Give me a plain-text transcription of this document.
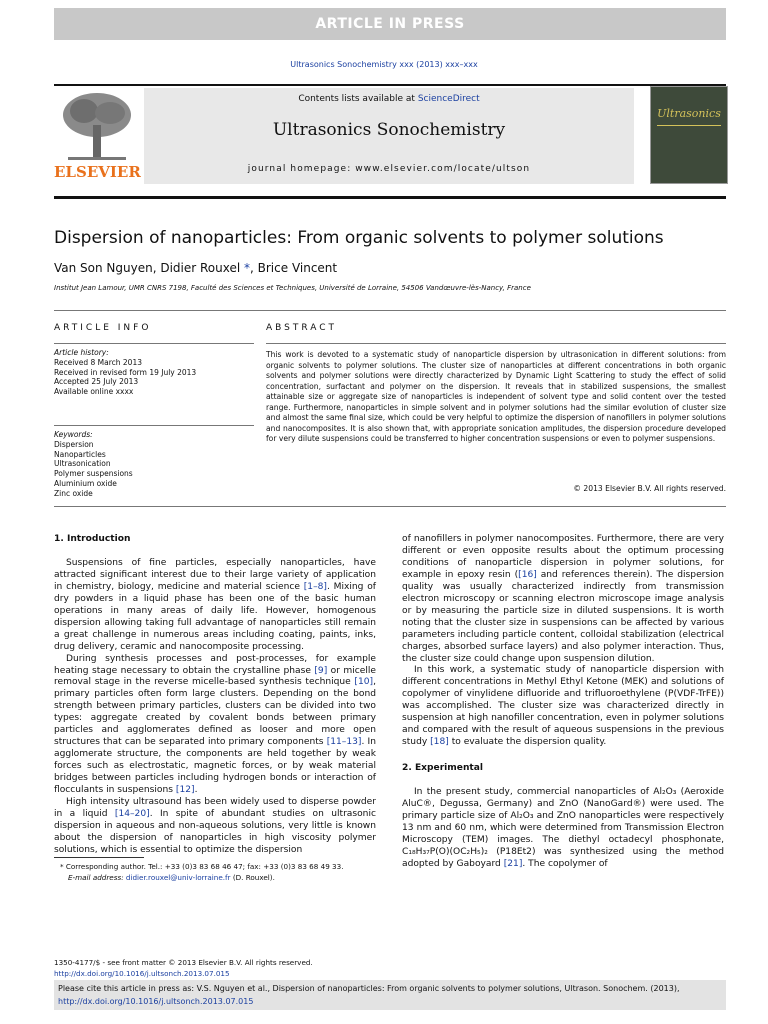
ARTICLE IN PRESS
Ultrasonics Sonochemistry xxx (2013) xxx–xxx
ELSEVIER
Contents lists available at ScienceDirect
Ultrasonics Sonochemistry
journal homepage: www.elsevier.com/locate/ultson
Ultrasonics
Dispersion of nanoparticles: From organic solvents to polymer solutions
Van Son Nguyen, Didier Rouxel *, Brice Vincent
Institut Jean Lamour, UMR CNRS 7198, Faculté des Sciences et Techniques, Université de Lorraine, 54506 Vandœuvre-lès-Nancy, France
ARTICLE INFO
Article history:
Received 8 March 2013
Received in revised form 19 July 2013
Accepted 25 July 2013
Available online xxxx
Keywords:
Dispersion
Nanoparticles
Ultrasonication
Polymer suspensions
Aluminium oxide
Zinc oxide
ABSTRACT
This work is devoted to a systematic study of nanoparticle dispersion by ultrasonication in different solutions: from organic solvents to polymer solutions. The cluster size of nanoparticles at different concentrations in both organic solvents and polymer solutions were directly characterized by Dynamic Light Scattering to study the effect of solid concentration, surfactant and polymer on the dispersion. It reveals that in stabilized suspensions, the smallest attainable size or aggregate size of nanoparticles is independent of solvent type and solid content over the tested range. Furthermore, nanoparticles in simple solvent and in polymer solutions had the similar evolution of cluster size and almost the same final size, which could be very helpful to optimize the dispersion of nanofillers in polymer solutions and nanocomposites. It is also shown that, with appropriate sonication amplitudes, the dispersion procedure developed for very dilute suspensions could be transferred to higher concentration suspensions or even to polymer suspensions.
© 2013 Elsevier B.V. All rights reserved.
1. Introduction

Suspensions of fine particles, especially nanoparticles, have attracted significant interest due to their large variety of application in chemistry, biology, medicine and material science [1–8]. Mixing of dry powders in a liquid phase has been one of the basic human operations in many areas of daily life. However, homogenous dispersion allowing taking full advantage of nanoparticles still remain a great challenge in numerous areas including coating, paints, inks, drug delivery, ceramic and nanocomposite processing.

During synthesis processes and post-processes, for example heating stage necessary to obtain the crystalline phase [9] or micelle removal stage in the reverse micelle-based synthesis technique [10], primary particles often form large clusters. Depending on the bond strength between primary particles, clusters can be divided into two types: aggregate created by covalent bonds between primary particles and agglomerates defined as looser and more open structures that can be separated into primary components [11–13]. In agglomerate structure, the components are held together by weak forces such as electrostatic, magnetic forces, or by weak material bridges between particles including hydrogen bonds or interaction of flocculants in suspensions [12].

High intensity ultrasound has been widely used to disperse powder in a liquid [14–20]. In spite of abundant studies on ultrasonic dispersion in aqueous and non-aqueous solutions, very little is known about the dispersion of nanoparticles in high viscosity polymer solutions, which is essential to optimize the dispersion

of nanofillers in polymer nanocomposites. Furthermore, there are very different or even opposite results about the optimum processing conditions of nanoparticle dispersion in polymer solutions, for example in epoxy resin ([16] and references therein). The dispersion quality was usually characterized indirectly from transmission electron microscopy or scanning electron microscope image analysis or by measuring the particle size in diluted suspensions. It is worth noting that the cluster size in suspensions can be affected by various parameters including particle content, colloidal stabilization (electrical charges, absorbed surface layers) and also polymer interaction. Thus, the cluster size could change upon suspension dilution.

In this work, a systematic study of nanoparticle dispersion with different concentrations in Methyl Ethyl Ketone (MEK) and solutions of copolymer of vinylidene difluoride and trifluoroethylene (P(VDF-TrFE)) was accomplished. The cluster size was characterized directly in suspension at high nanofiller concentration, even in polymer solutions and compared with the result of aqueous suspensions in the previous study [18] to evaluate the dispersion quality.

2. Experimental

In the present study, commercial nanoparticles of Al₂O₃ (Aeroxide AluC®, Degussa, Germany) and ZnO (NanoGard®) were used. The primary particle size of Al₂O₃ and ZnO nanoparticles were respectively 13 nm and 60 nm, which were determined from Transmission Electron Microscopy (TEM) images. The diethyl octadecyl phosphonate, C₁₈H₃₇P(O)(OC₂H₅)₂ (P18Et2) was synthesized using the method adopted by Gaboyard [21]. The copolymer of

* Corresponding author. Tel.: +33 (0)3 83 68 46 47; fax: +33 (0)3 83 68 49 33.
E-mail address: didier.rouxel@univ-lorraine.fr (D. Rouxel).
1350-4177/$ - see front matter © 2013 Elsevier B.V. All rights reserved.
http://dx.doi.org/10.1016/j.ultsonch.2013.07.015
Please cite this article in press as: V.S. Nguyen et al., Dispersion of nanoparticles: From organic solvents to polymer solutions, Ultrason. Sonochem. (2013),
http://dx.doi.org/10.1016/j.ultsonch.2013.07.015
